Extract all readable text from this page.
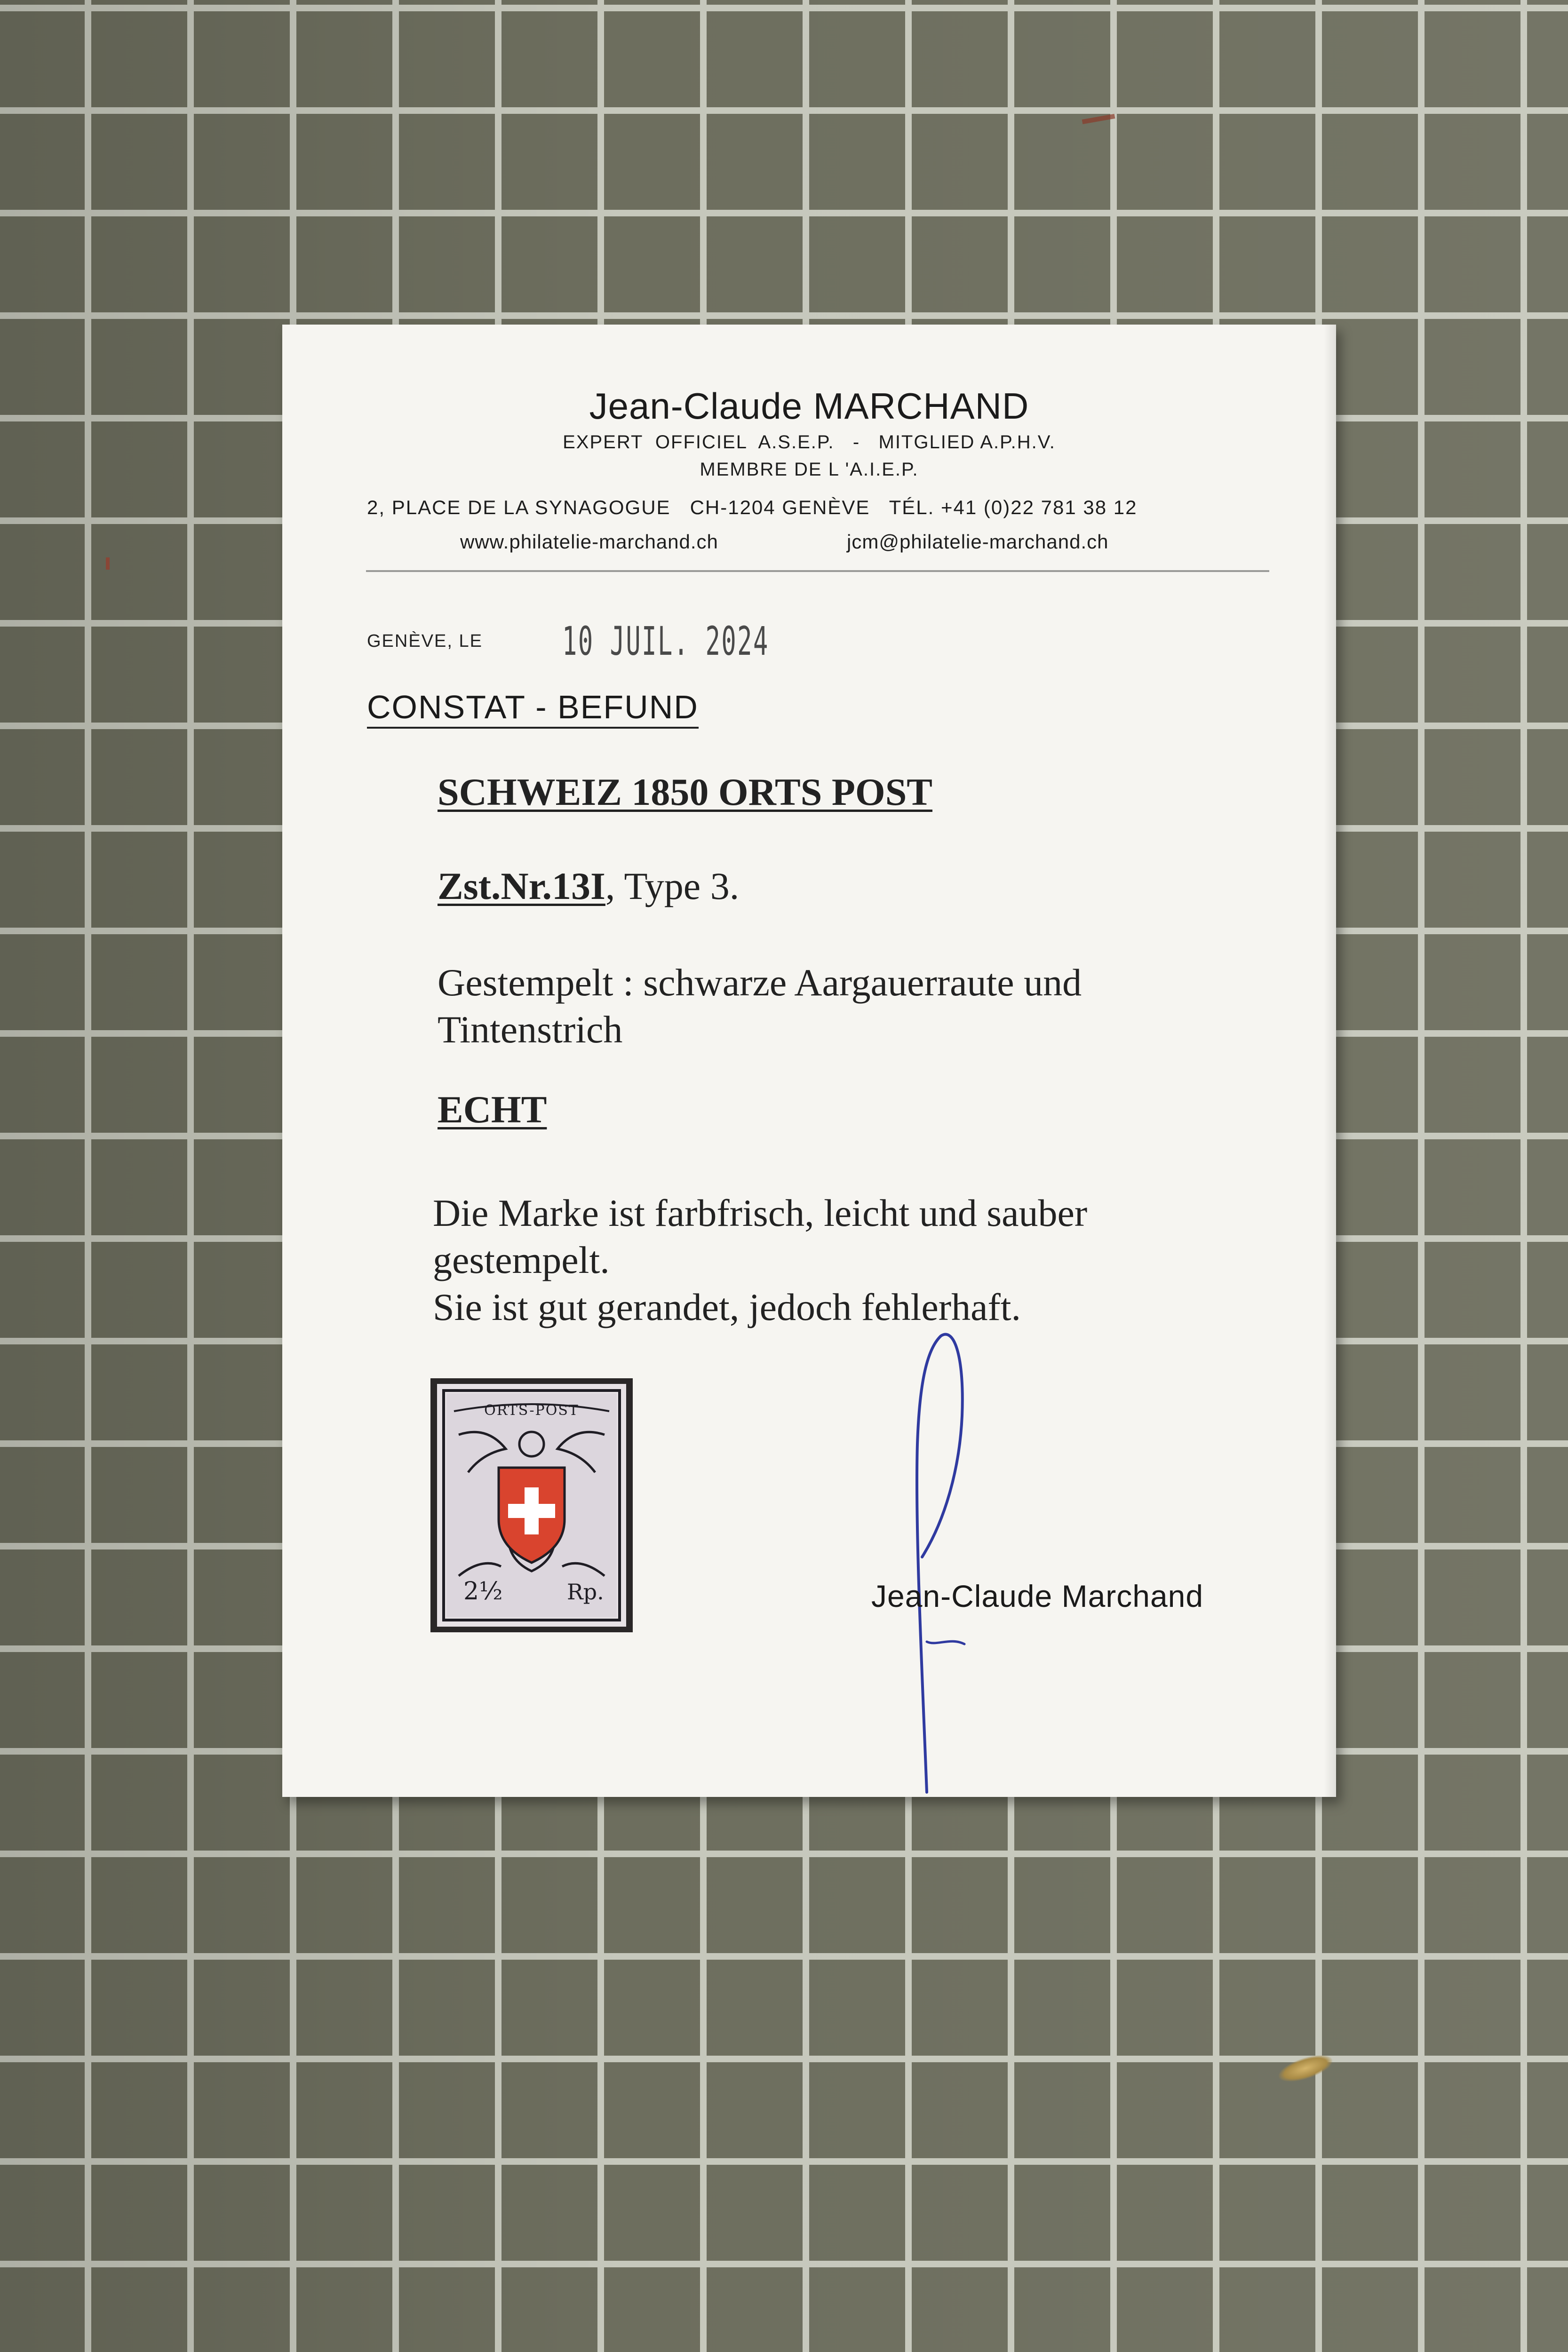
Jean-Claude MARCHAND
EXPERT  OFFICIEL  A.S.E.P.   -   MITGLIED A.P.H.V.
MEMBRE DE L 'A.I.E.P.
2, PLACE DE LA SYNAGOGUE   CH-1204 GENÈVE   TÉL. +41 (0)22 781 38 12
www.philatelie-marchand.ch	jcm@philatelie-marchand.ch
GENÈVE, LE 10 JUIL. 2024
CONSTAT - BEFUND
SCHWEIZ 1850 ORTS POST
Zst.Nr.13I, Type 3.
Gestempelt : schwarze Aargauerraute und
Tintenstrich
ECHT
Die Marke ist farbfrisch, leicht und sauber
gestempelt.
Sie ist gut gerandet, jedoch fehlerhaft.
ORTS-POST
2½	Rp.	Jean-Claude Marchand
